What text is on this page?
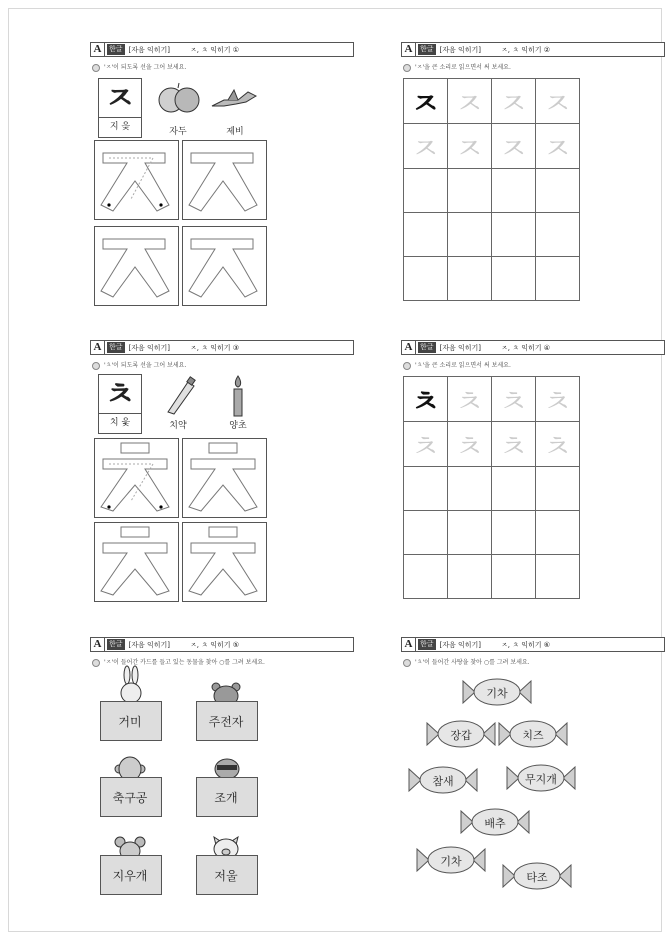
A	한글 [자음 익히기]	ㅈ, ㅊ 익히기 ①
'ㅈ'이 되도록 선을 그어 보세요.
ㅈ
지 읒	자두	제비
A	한글 [자음 익히기]	ㅈ, ㅊ 익히기 ②
'ㅈ'을 큰 소리로 읽으면서 써 보세요.
ㅈ	ㅈ	ㅈ	ㅈ
ㅈ	ㅈ	ㅈ	ㅈ

A	한글 [자음 익히기]	ㅈ, ㅊ 익히기 ③
'ㅊ'이 되도록 선을 그어 보세요.
ㅊ
치 읓	치약	양초
A	한글 [자음 익히기]	ㅈ, ㅊ 익히기 ④
'ㅊ'을 큰 소리로 읽으면서 써 보세요.
ㅊ	ㅊ	ㅊ	ㅊ
ㅊ	ㅊ	ㅊ	ㅊ

A	한글 [자음 익히기]	ㅈ, ㅊ 익히기 ⑤
'ㅈ'이 들어간 카드를 들고 있는 동물을 찾아 ○를 그려 보세요.
거미	주전자
축구공	조개
지우개	저울
A	한글 [자음 익히기]	ㅈ, ㅊ 익히기 ⑥
'ㅊ'이 들어간 사탕을 찾아 ○를 그려 보세요.
기차
장갑	치즈
참새	무지개
배추
기차
타조
